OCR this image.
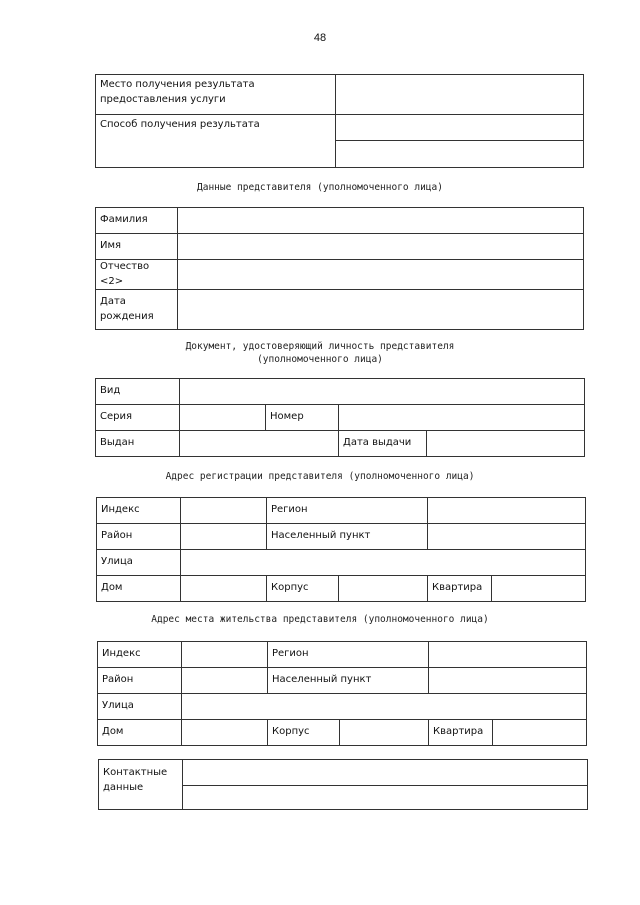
48
Место получения результата предоставления услуги	
Способ получения результата	

Данные представителя (уполномоченного лица)
Фамилия	
Имя	
Отчество <2>	
Дата рождения	
Документ, удостоверяющий личность представителя
(уполномоченного лица)
Вид				
Серия		Номер		
Выдан			Дата выдачи	
Адрес регистрации представителя (уполномоченного лица)
Индекс		Регион			
Район		Населенный пункт			
Улица					
Дом		Корпус		Квартира	
Адрес места жительства представителя (уполномоченного лица)
Индекс		Регион			
Район		Населенный пункт			
Улица					
Дом		Корпус		Квартира	
Контактные данные	
